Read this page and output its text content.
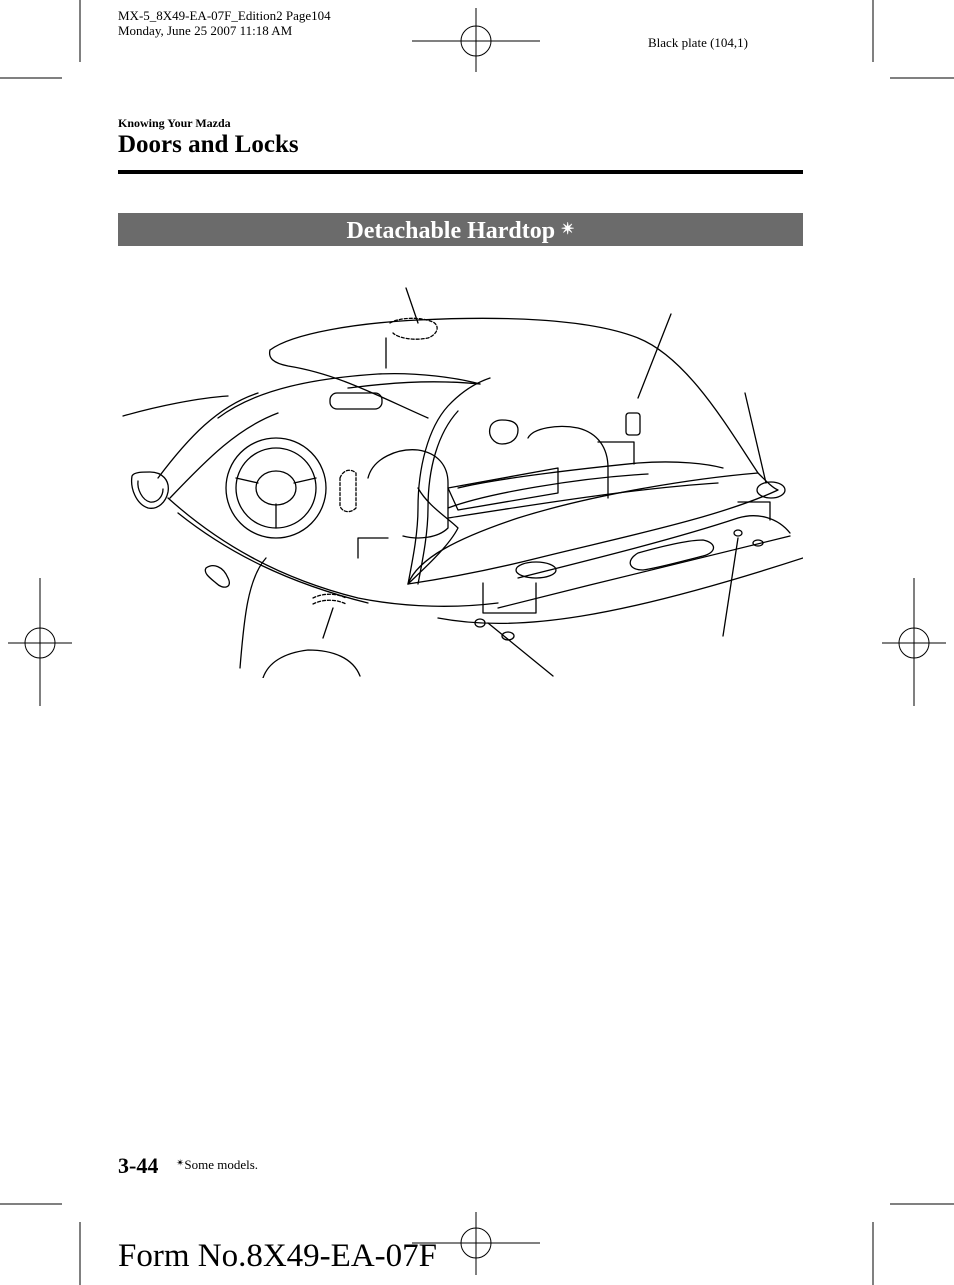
MX-5_8X49-EA-07F_Edition2 Page104
Monday, June 25 2007 11:18 AM
Black plate (104,1)
Knowing Your Mazda
Doors and Locks
Detachable Hardtop ✴
3-44 ✴Some models.
Form No.8X49-EA-07F
